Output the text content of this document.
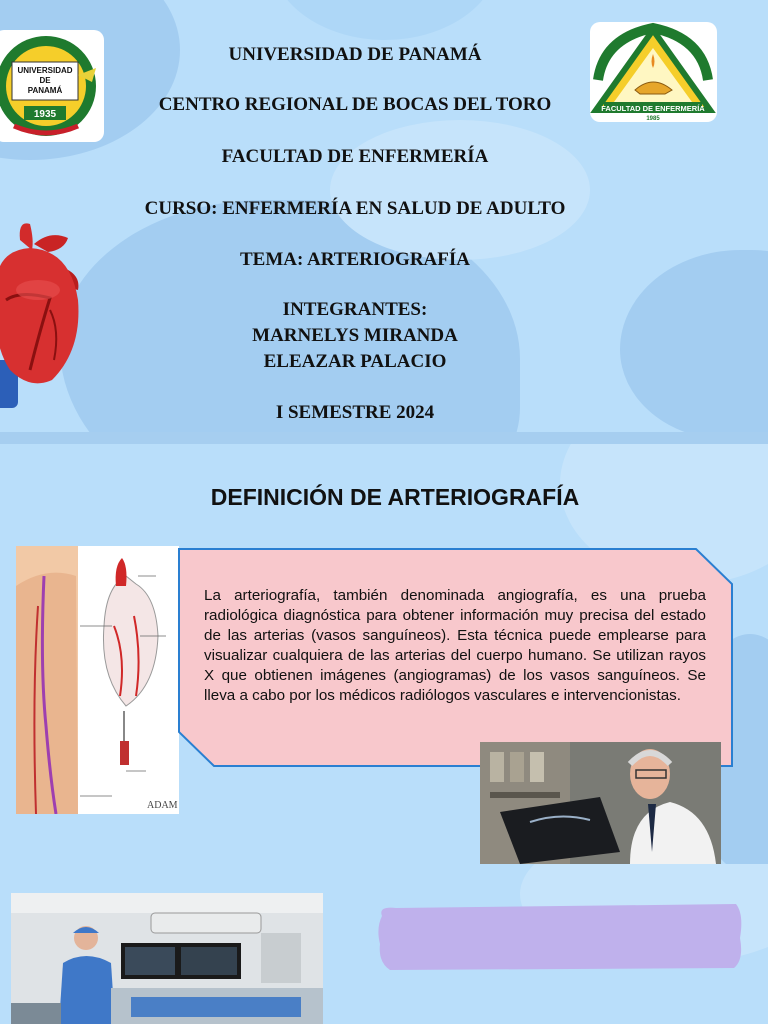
UNIVERSIDAD
DE
PANAMÁ
1935
FACULTAD DE ENFERMERÍA
1985
UNIVERSIDAD DE PANAMÁ
CENTRO REGIONAL DE BOCAS DEL TORO
FACULTAD DE ENFERMERÍA
CURSO: ENFERMERÍA EN SALUD DE ADULTO
TEMA: ARTERIOGRAFÍA
INTEGRANTES:
MARNELYS MIRANDA
ELEAZAR PALACIO
I SEMESTRE 2024
DEFINICIÓN DE ARTERIOGRAFÍA
ADAM
La arteriografía, también denominada angiografía, es una prueba radiológica diagnóstica para obtener información muy precisa del estado de las arterias (vasos sanguíneos). Esta técnica puede emplearse para visualizar cualquiera de las arterias del cuerpo humano. Se utilizan rayos X que obtienen imágenes (angiogramas) de los vasos sanguíneos. Se lleva a cabo por los médicos radiólogos vasculares e intervencionistas.
